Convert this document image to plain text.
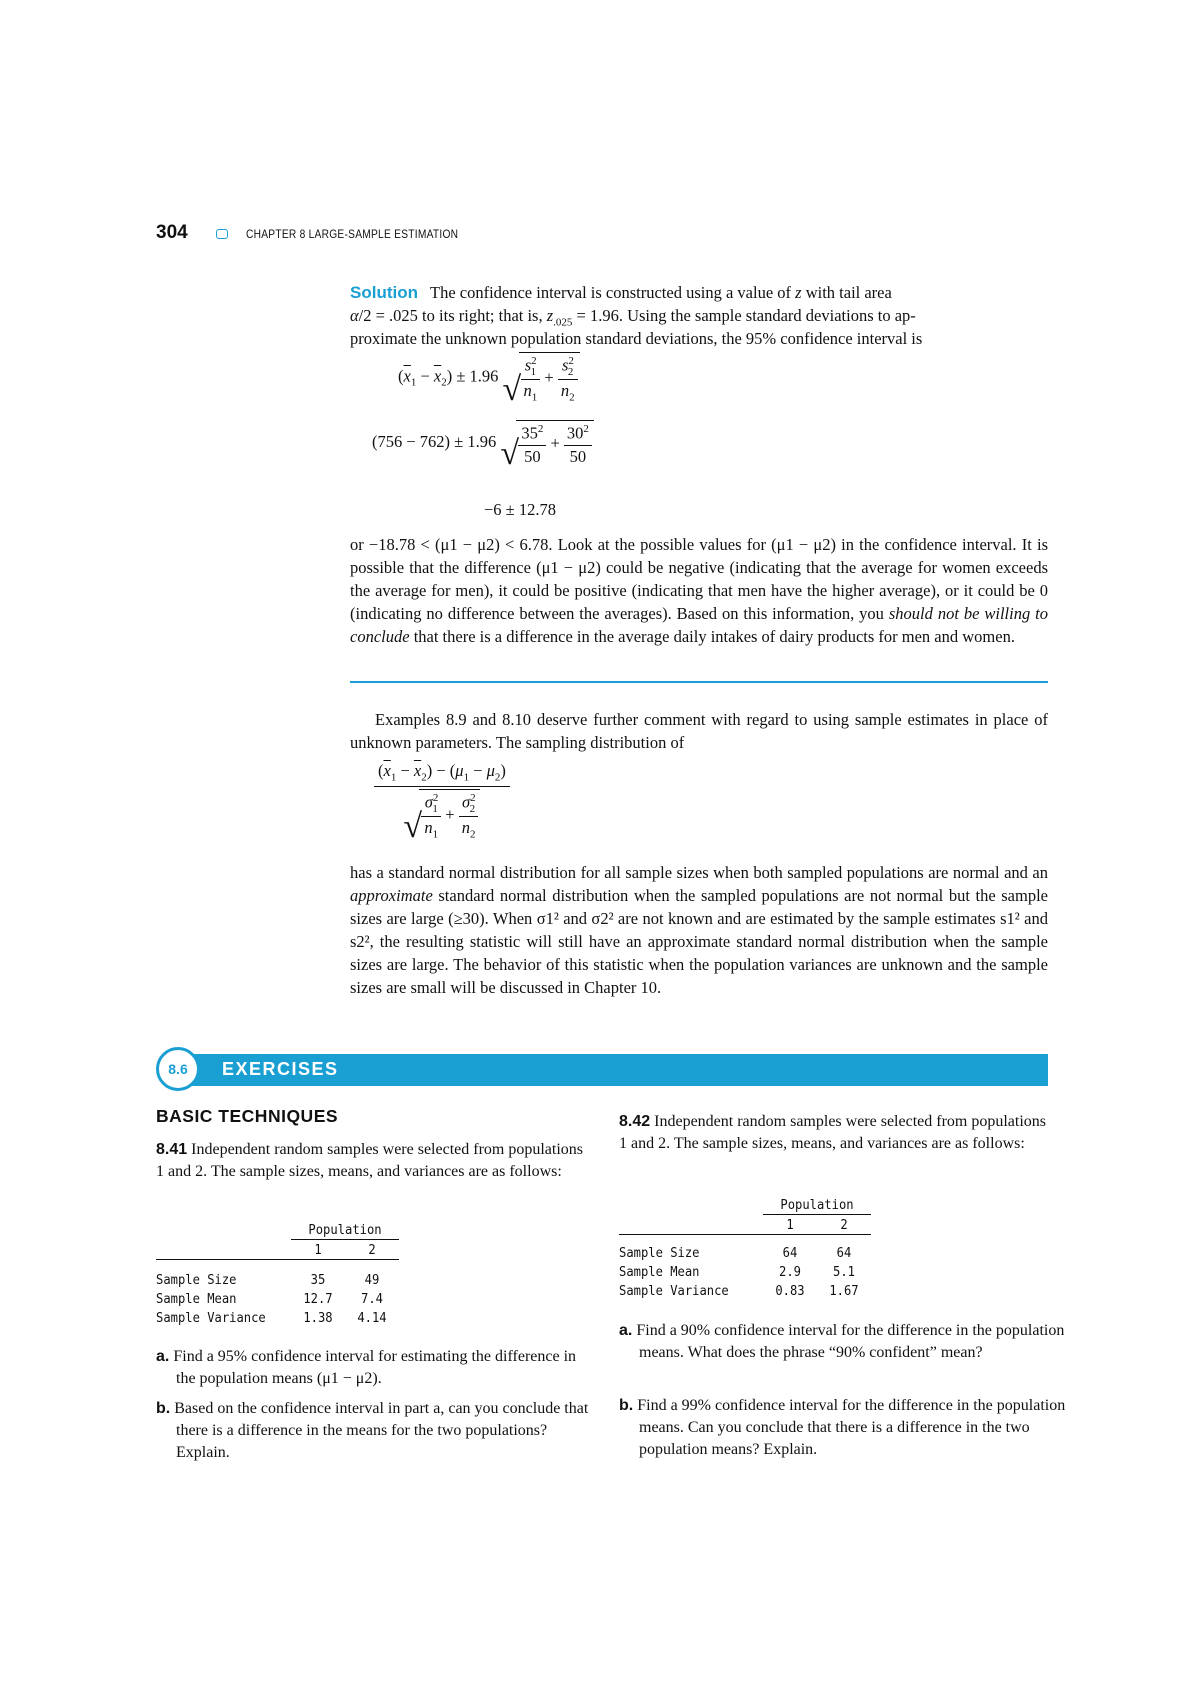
304	CHAPTER 8 LARGE-SAMPLE ESTIMATION
Solution The confidence interval is constructed using a value of z with tail area
α/2 = .025 to its right; that is, $z_{.025} = 1.96$. Using the sample standard deviations to ap-
proximate the unknown population standard deviations, the 95% confidence interval is
$(\overline{x}_1 - \overline{x}_2) \pm 1.96$ √ $\frac{s^2_1}{n_1} + \frac{s^2_2}{n_2}$
(756 − 762) ± 1.96 √ $\frac{35^2}{50} + \frac{30^2}{50}$
−6 ± 12.78
or −18.78 < (μ1 − μ2) < 6.78. Look at the possible values for (μ1 − μ2) in the confidence interval. It is possible that the difference (μ1 − μ2) could be negative (indicating that the average for women exceeds the average for men), it could be positive (indicating that men have the higher average), or it could be 0 (indicating no difference between the averages). Based on this information, you should not be willing to conclude that there is a difference in the average daily intakes of dairy products for men and women.
Examples 8.9 and 8.10 deserve further comment with regard to using sample estimates in place of unknown parameters. The sampling distribution of
$(\overline{x}_1 - \overline{x}_2) - (\mu_1 - \mu_2)$
√ $\frac{\sigma^2_1}{n_1} + \frac{\sigma^2_2}{n_2}$
has a standard normal distribution for all sample sizes when both sampled populations are normal and an approximate standard normal distribution when the sampled populations are not normal but the sample sizes are large (≥30). When σ1² and σ2² are not known and are estimated by the sample estimates s1² and s2², the resulting statistic will still have an approximate standard normal distribution when the sample sizes are large. The behavior of this statistic when the population variances are unknown and the sample sizes are small will be discussed in Chapter 10.
8.6	EXERCISES
BASIC TECHNIQUES
8.41 Independent random samples were selected from populations 1 and 2. The sample sizes, means, and variances are as follows:
	Population	
	1	2

Sample Size	35	49
Sample Mean	12.7	7.4
Sample Variance	1.38	4.14
a. Find a 95% confidence interval for estimating the difference in the population means (μ1 − μ2).
b. Based on the confidence interval in part a, can you conclude that there is a difference in the means for the two populations? Explain.
8.42 Independent random samples were selected from populations 1 and 2. The sample sizes, means, and variances are as follows:
	Population	
	1	2

Sample Size	64	64
Sample Mean	2.9	5.1
Sample Variance	0.83	1.67
a. Find a 90% confidence interval for the difference in the population means. What does the phrase “90% confident” mean?
b. Find a 99% confidence interval for the difference in the population means. Can you conclude that there is a difference in the two population means? Explain.
